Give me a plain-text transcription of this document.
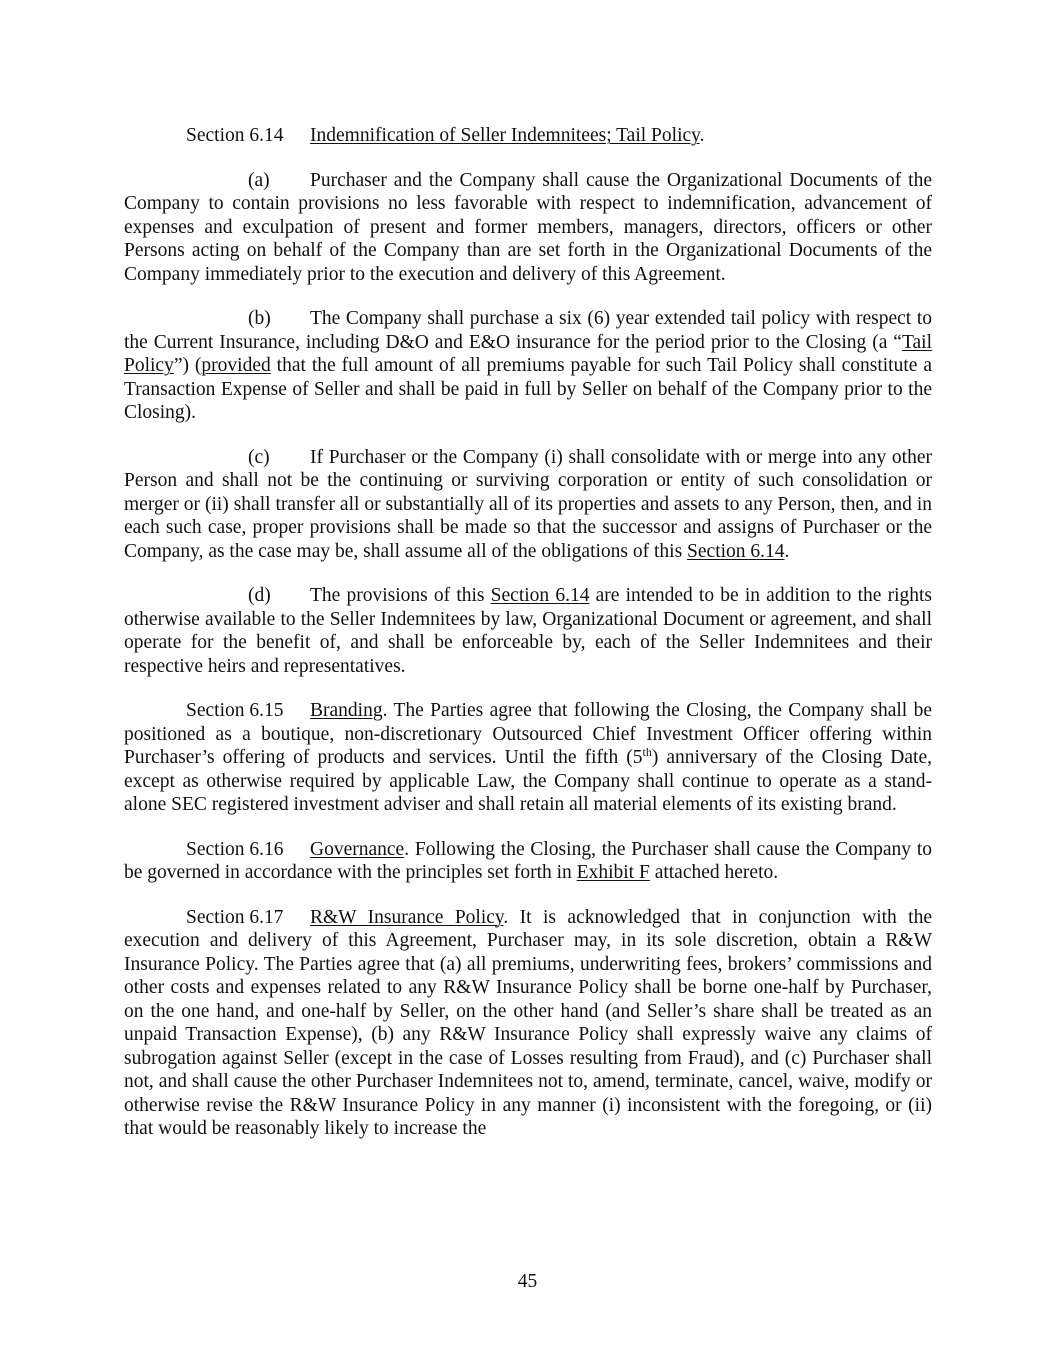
Section 6.14 Indemnification of Seller Indemnitees; Tail Policy.

(a) Purchaser and the Company shall cause the Organizational Documents of the Company to contain provisions no less favorable with respect to indemnification, advancement of expenses and exculpation of present and former members, managers, directors, officers or other Persons acting on behalf of the Company than are set forth in the Organizational Documents of the Company immediately prior to the execution and delivery of this Agreement.

(b) The Company shall purchase a six (6) year extended tail policy with respect to the Current Insurance, including D&O and E&O insurance for the period prior to the Closing (a “Tail Policy”) (provided that the full amount of all premiums payable for such Tail Policy shall constitute a Transaction Expense of Seller and shall be paid in full by Seller on behalf of the Company prior to the Closing).

(c) If Purchaser or the Company (i) shall consolidate with or merge into any other Person and shall not be the continuing or surviving corporation or entity of such consolidation or merger or (ii) shall transfer all or substantially all of its properties and assets to any Person, then, and in each such case, proper provisions shall be made so that the successor and assigns of Purchaser or the Company, as the case may be, shall assume all of the obligations of this Section 6.14.

(d) The provisions of this Section 6.14 are intended to be in addition to the rights otherwise available to the Seller Indemnitees by law, Organizational Document or agreement, and shall operate for the benefit of, and shall be enforceable by, each of the Seller Indemnitees and their respective heirs and representatives.

Section 6.15 Branding. The Parties agree that following the Closing, the Company shall be positioned as a boutique, non-discretionary Outsourced Chief Investment Officer offering within Purchaser’s offering of products and services. Until the fifth (5th) anniversary of the Closing Date, except as otherwise required by applicable Law, the Company shall continue to operate as a stand-alone SEC registered investment adviser and shall retain all material elements of its existing brand.

Section 6.16 Governance. Following the Closing, the Purchaser shall cause the Company to be governed in accordance with the principles set forth in Exhibit F attached hereto.

Section 6.17 R&W Insurance Policy. It is acknowledged that in conjunction with the execution and delivery of this Agreement, Purchaser may, in its sole discretion, obtain a R&W Insurance Policy. The Parties agree that (a) all premiums, underwriting fees, brokers’ commissions and other costs and expenses related to any R&W Insurance Policy shall be borne one-half by Purchaser, on the one hand, and one-half by Seller, on the other hand (and Seller’s share shall be treated as an unpaid Transaction Expense), (b) any R&W Insurance Policy shall expressly waive any claims of subrogation against Seller (except in the case of Losses resulting from Fraud), and (c) Purchaser shall not, and shall cause the other Purchaser Indemnitees not to, amend, terminate, cancel, waive, modify or otherwise revise the R&W Insurance Policy in any manner (i) inconsistent with the foregoing, or (ii) that would be reasonably likely to increase the

45
